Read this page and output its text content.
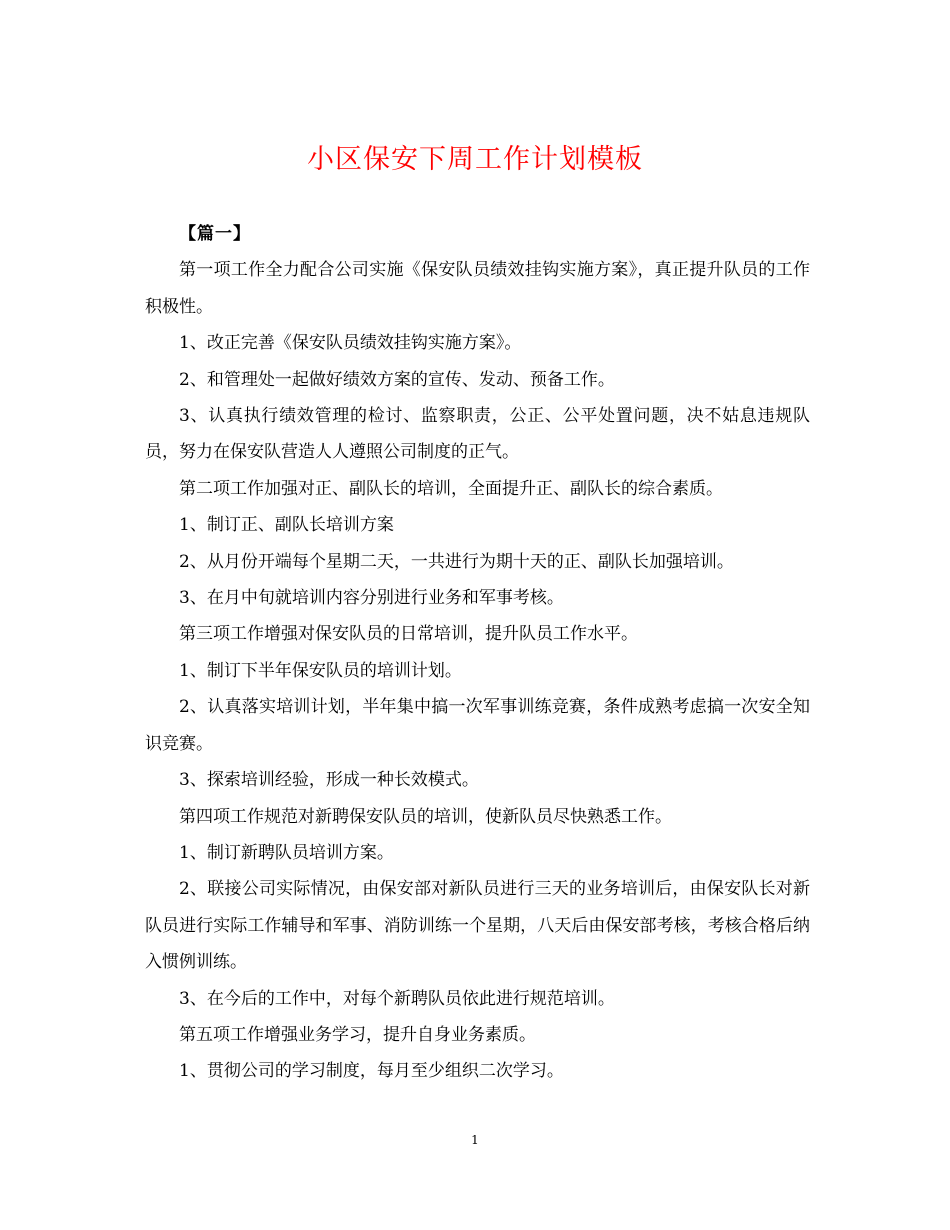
小区保安下周工作计划模板

【篇一】

第一项工作全力配合公司实施《保安队员绩效挂钩实施方案》，真正提升队员的工作积极性。

1、改正完善《保安队员绩效挂钩实施方案》。

2、和管理处一起做好绩效方案的宣传、发动、预备工作。

3、认真执行绩效管理的检讨、监察职责，公正、公平处置问题，决不姑息违规队员，努力在保安队营造人人遵照公司制度的正气。

第二项工作加强对正、副队长的培训，全面提升正、副队长的综合素质。

1、制订正、副队长培训方案

2、从月份开端每个星期二天，一共进行为期十天的正、副队长加强培训。

3、在月中旬就培训内容分别进行业务和军事考核。

第三项工作增强对保安队员的日常培训，提升队员工作水平。

1、制订下半年保安队员的培训计划。

2、认真落实培训计划，半年集中搞一次军事训练竞赛，条件成熟考虑搞一次安全知识竞赛。

3、探索培训经验，形成一种长效模式。

第四项工作规范对新聘保安队员的培训，使新队员尽快熟悉工作。

1、制订新聘队员培训方案。

2、联接公司实际情况，由保安部对新队员进行三天的业务培训后，由保安队长对新队员进行实际工作辅导和军事、消防训练一个星期，八天后由保安部考核，考核合格后纳入惯例训练。

3、在今后的工作中，对每个新聘队员依此进行规范培训。

第五项工作增强业务学习，提升自身业务素质。

1、贯彻公司的学习制度，每月至少组织二次学习。

1
